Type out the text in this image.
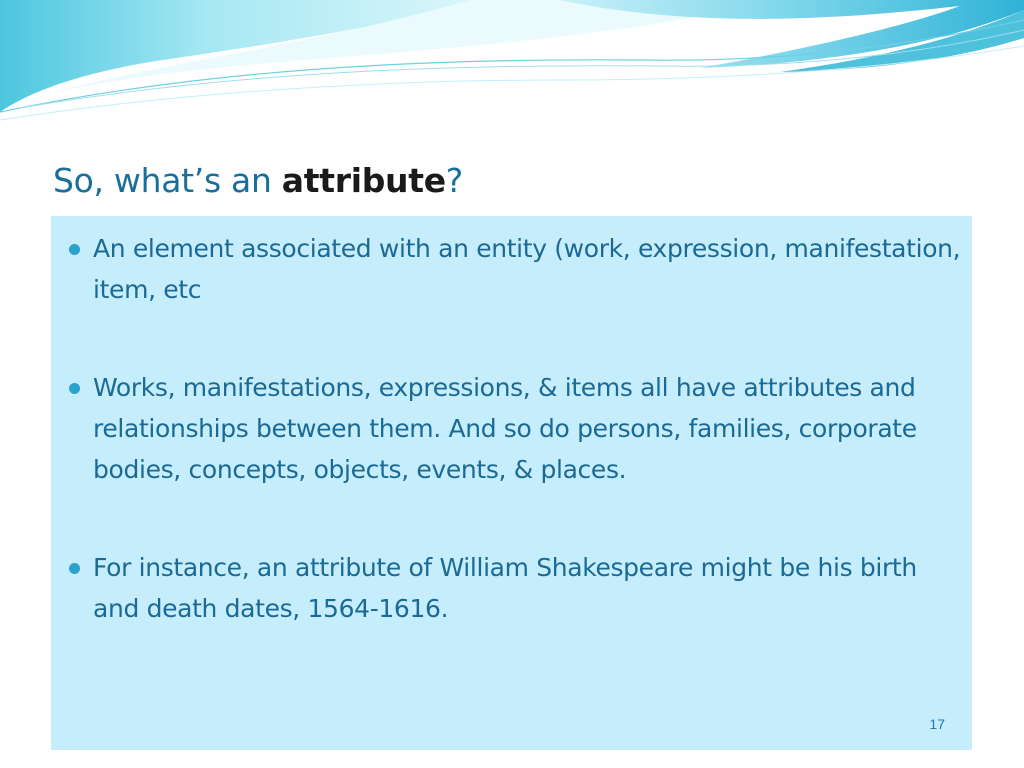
So, what’s an attribute?
An element associated with an entity (work, expression, manifestation, item, etc
Works, manifestations, expressions, & items all have attributes and relationships between them. And so do persons, families, corporate bodies, concepts, objects, events, & places.
For instance, an attribute of William Shakespeare might be his birth and death dates, 1564-1616.
17
